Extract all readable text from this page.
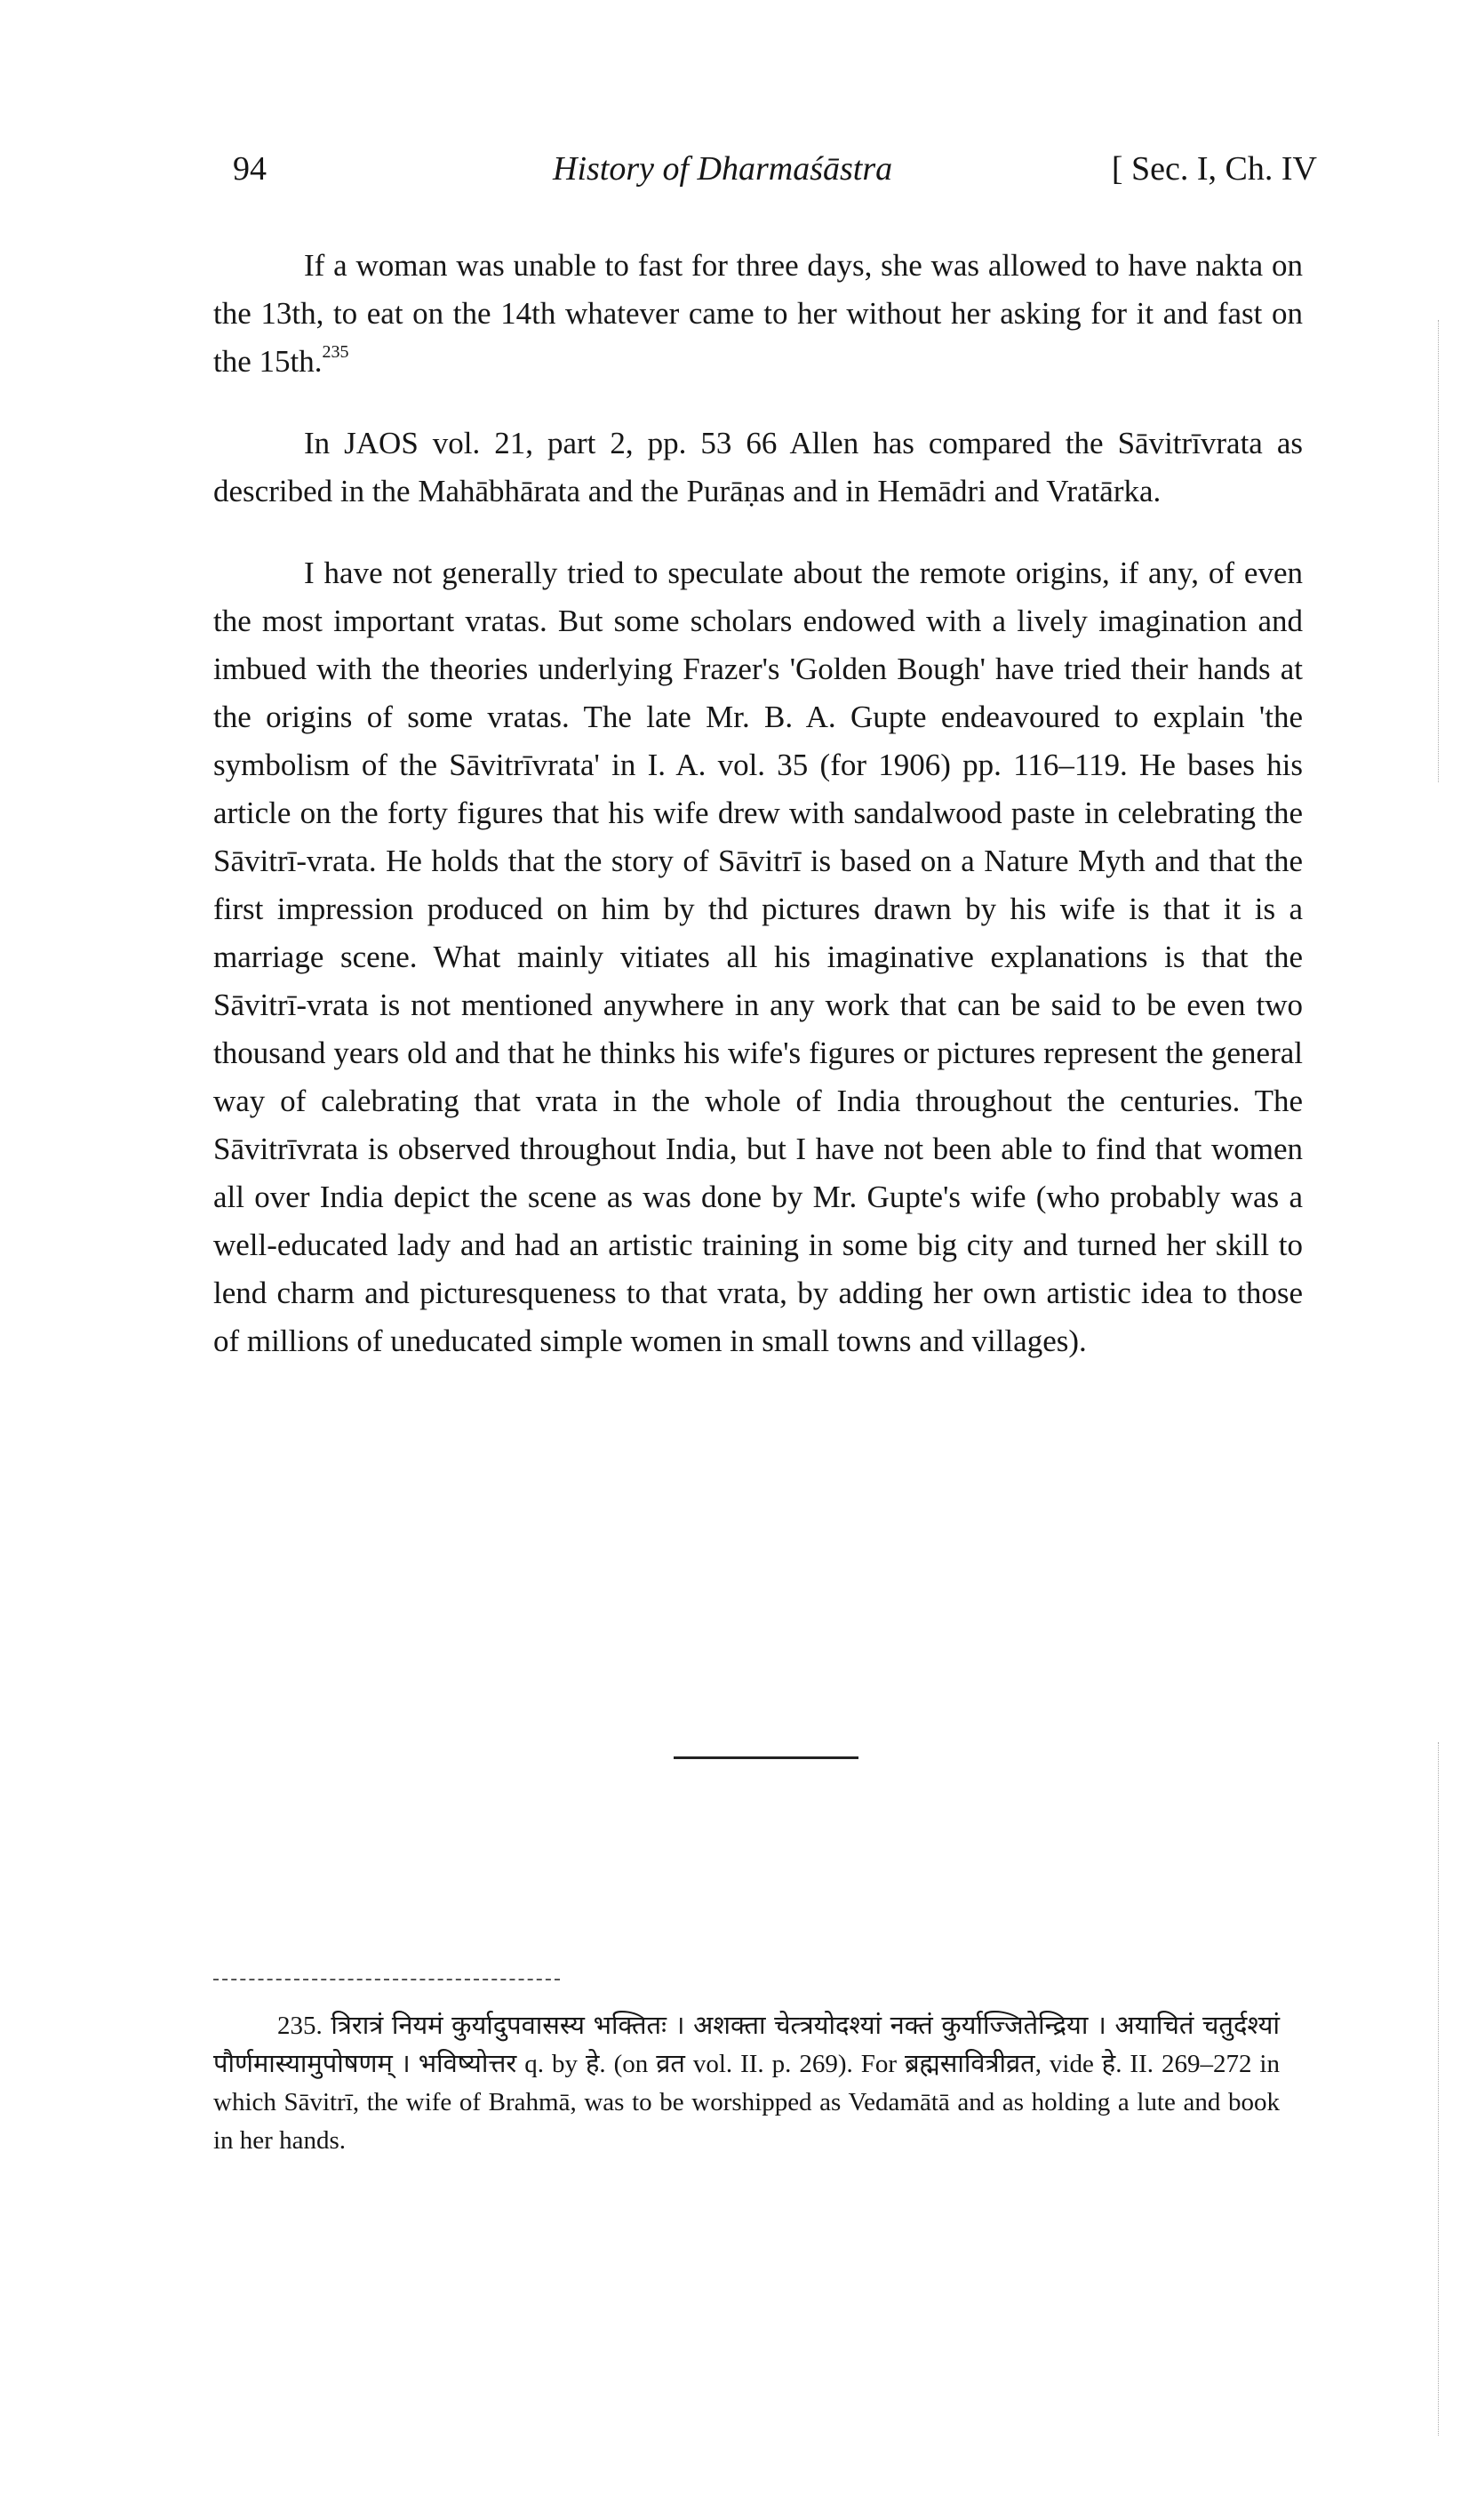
94	History of Dharmaśāstra	[ Sec. I, Ch. IV

If a woman was unable to fast for three days, she was allowed to have nakta on the 13th, to eat on the 14th whatever came to her without her asking for it and fast on the 15th.$^{235}$

In JAOS vol. 21, part 2, pp. 53 66 Allen has compared the Sāvitrīvrata as described in the Mahābhārata and the Purāṇas and in Hemādri and Vratārka.

I have not generally tried to speculate about the remote origins, if any, of even the most important vratas. But some scholars endowed with a lively imagination and imbued with the theories underlying Frazer's 'Golden Bough' have tried their hands at the origins of some vratas. The late Mr. B. A. Gupte endeavoured to explain 'the symbolism of the Sāvitrīvrata' in I. A. vol. 35 (for 1906) pp. 116–119. He bases his article on the forty figures that his wife drew with sandalwood paste in celebrating the Sāvitrī-vrata. He holds that the story of Sāvitrī is based on a Nature Myth and that the first impression produced on him by thd pictures drawn by his wife is that it is a marriage scene. What mainly vitiates all his imaginative explanations is that the Sāvitrī-vrata is not mentioned anywhere in any work that can be said to be even two thousand years old and that he thinks his wife's figures or pictures represent the general way of calebrating that vrata in the whole of India throughout the centuries. The Sāvitrīvrata is observed throughout India, but I have not been able to find that women all over India depict the scene as was done by Mr. Gupte's wife (who probably was a well-educated lady and had an artistic training in some big city and turned her skill to lend charm and picturesqueness to that vrata, by adding her own artistic idea to those of millions of uneducated simple women in small towns and villages).

235. त्रिरात्रं नियमं कुर्यादुपवासस्य भक्तितः । अशक्ता चेत्त्रयोदश्यां नक्तं कुर्याज्जितेन्द्रिया । अयाचितं चतुर्दश्यां पौर्णमास्यामुपोषणम् । भविष्योत्तर q. by हे. (on व्रत vol. II. p. 269). For ब्रह्मसावित्रीव्रत, vide हे. II. 269–272 in which Sāvitrī, the wife of Brahmā, was to be worshipped as Vedamātā and as holding a lute and book in her hands.
